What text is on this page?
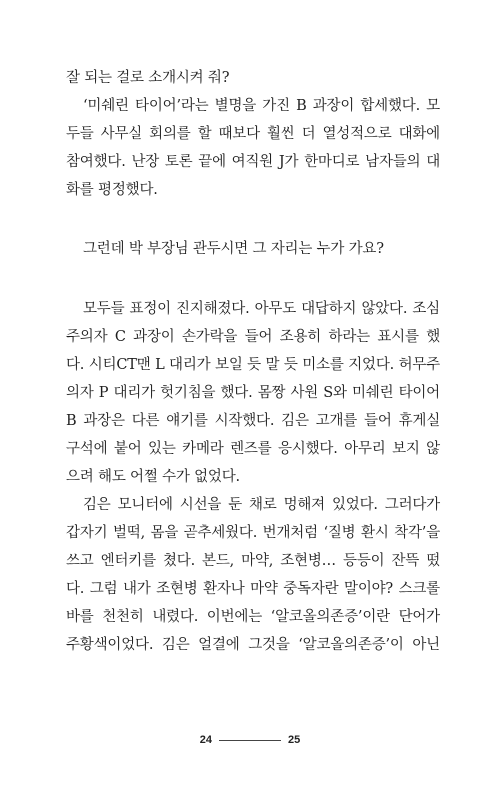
잘 되는 걸로 소개시켜 줘?
‘미쉐린 타이어’라는 별명을 가진 B 과장이 합세했다. 모
두들 사무실 회의를 할 때보다 훨씬 더 열성적으로 대화에
참여했다. 난장 토론 끝에 여직원 J가 한마디로 남자들의 대
화를 평정했다.
그런데 박 부장님 관두시면 그 자리는 누가 가요?
모두들 표정이 진지해졌다. 아무도 대답하지 않았다. 조심
주의자 C 과장이 손가락을 들어 조용히 하라는 표시를 했
다. 시티CT맨 L 대리가 보일 듯 말 듯 미소를 지었다. 허무주
의자 P 대리가 헛기침을 했다. 몸짱 사원 S와 미쉐린 타이어
B 과장은 다른 얘기를 시작했다. 김은 고개를 들어 휴게실
구석에 붙어 있는 카메라 렌즈를 응시했다. 아무리 보지 않
으려 해도 어쩔 수가 없었다.
김은 모니터에 시선을 둔 채로 멍해져 있었다. 그러다가
갑자기 벌떡, 몸을 곧추세웠다. 번개처럼 ‘질병 환시 착각’을
쓰고 엔터키를 쳤다. 본드, 마약, 조현병… 등등이 잔뜩 떴
다. 그럼 내가 조현병 환자나 마약 중독자란 말이야? 스크롤
바를 천천히 내렸다. 이번에는 ‘알코올의존증’이란 단어가
주황색이었다. 김은 얼결에 그것을 ‘알코올의존증’이 아닌
24	25
